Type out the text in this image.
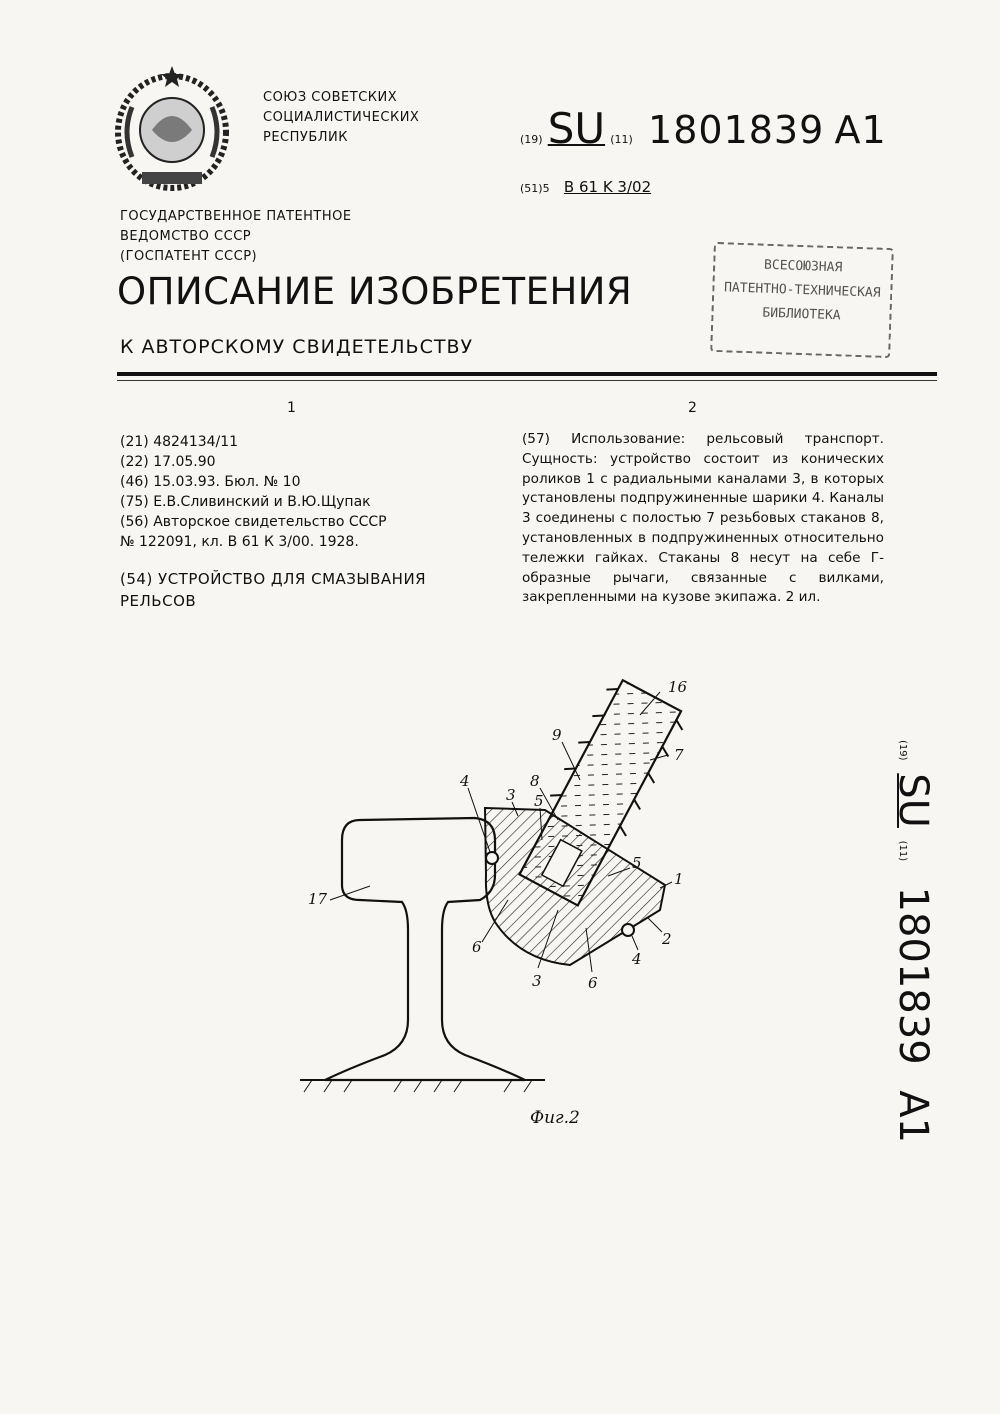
СОЮЗ СОВЕТСКИХ
СОЦИАЛИСТИЧЕСКИХ
РЕСПУБЛИК
ГОСУДАРСТВЕННОЕ ПАТЕНТНОЕ
ВЕДОМСТВО СССР
(ГОСПАТЕНТ СССР)
(19) SU (11) 1801839 A1
(51)5 B 61 K 3/02
ВСЕСОЮЗНАЯ
ПАТЕНТНО-ТЕХНИЧЕСКАЯ
БИБЛИОТЕКА
ОПИСАНИЕ ИЗОБРЕТЕНИЯ
К АВТОРСКОМУ СВИДЕТЕЛЬСТВУ
1	2
(21) 4824134/11
(22) 17.05.90
(46) 15.03.93. Бюл. № 10
(75) Е.В.Сливинский и В.Ю.Щупак
(56) Авторское свидетельство СССР
№ 122091, кл. В 61 К 3/00. 1928.
(54) УСТРОЙСТВО ДЛЯ СМАЗЫВАНИЯ РЕЛЬСОВ
(57) Использование: рельсовый транспорт. Сущность: устройство состоит из конических роликов 1 с радиальными каналами 3, в которых установлены подпружиненные шарики 4. Каналы 3 соединены с полостью 7 резьбовых стаканов 8, установленных в подпружиненных относительно тележки гайках. Стаканы 8 несут на себе Г-образные рычаги, связанные с вилками, закрепленными на кузове экипажа. 2 ил.
(19) SU (11)  1801839  A1
16
9
7
8
4
3 5
5
1
17
2
6
4
3	6
Фиг.2
